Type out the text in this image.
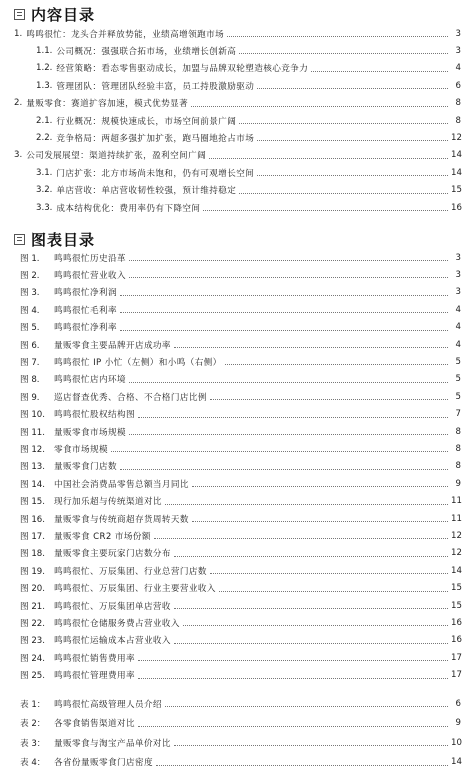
内容目录
1. 鸣鸣很忙：龙头合并释放势能，业绩高增领跑市场	3
1.1. 公司概况：强强联合拓市场，业绩增长创新高	3
1.2. 经营策略：看态零售驱动成长，加盟与品牌双轮塑造核心竞争力	4
1.3. 管理团队：管理团队经验丰富，员工持股激励驱动	6
2. 量贩零食：赛道扩容加速，模式优势显著	8
2.1. 行业概况：规模快速成长，市场空间前景广阔	8
2.2. 竞争格局：两超多强扩加扩张，跑马圈地抢占市场	12
3. 公司发展展望：渠道持续扩张，盈利空间广阔	14
3.1. 门店扩张：北方市场尚未饱和，仍有可观增长空间	14
3.2. 单店营收：单店营收韧性较强，预计维持稳定	15
3.3. 成本结构优化：费用率仍有下降空间	16
图表目录
图 1.	鸣鸣很忙历史沿革	3
图 2.	鸣鸣很忙营业收入	3
图 3.	鸣鸣很忙净利润	3
图 4.	鸣鸣很忙毛利率	4
图 5.	鸣鸣很忙净利率	4
图 6.	量贩零食主要品牌开店成功率	4
图 7.	鸣鸣很忙 IP 小忙（左侧）和小鸣（右侧）	5
图 8.	鸣鸣很忙店内环境	5
图 9.	巡店督查优秀、合格、不合格门店比例	5
图 10.	鸣鸣很忙股权结构图	7
图 11.	量贩零食市场规模	8
图 12.	零食市场规模	8
图 13.	量贩零食门店数	8
图 14.	中国社会消费品零售总额当月同比	9
图 15.	现行加乐超与传统渠道对比	11
图 16.	量贩零食与传统商超存货周转天数	11
图 17.	量贩零食 CR2 市场份额	12
图 18.	量贩零食主要玩家门店数分布	12
图 19.	鸣鸣很忙、万辰集团、行业总营门店数	14
图 20.	鸣鸣很忙、万辰集团、行业主要营业收入	15
图 21.	鸣鸣很忙、万辰集团单店营收	15
图 22.	鸣鸣很忙仓储服务费占营业收入	16
图 23.	鸣鸣很忙运输成本占营业收入	16
图 24.	鸣鸣很忙销售费用率	17
图 25.	鸣鸣很忙管理费用率	17
表 1：	鸣鸣很忙高级管理人员介绍	6
表 2：	各零食销售渠道对比	9
表 3：	量贩零食与淘宝产品单价对比	10
表 4：	各省份量贩零食门店密度	14
